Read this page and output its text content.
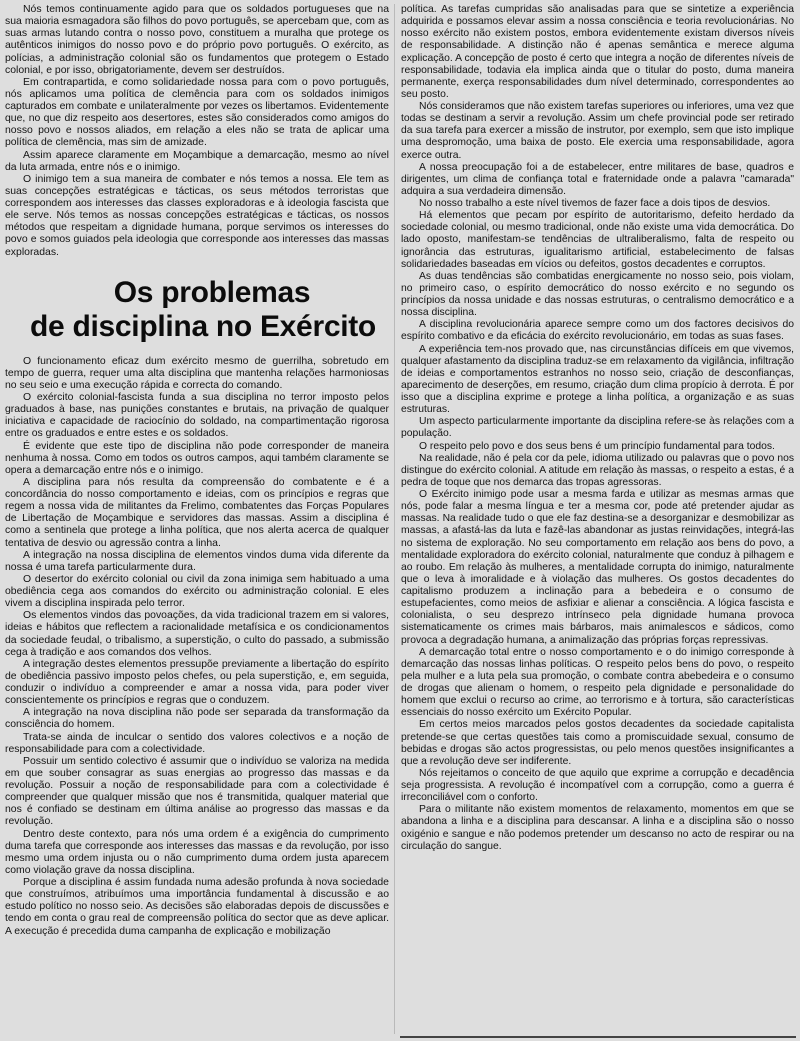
Nós temos continuamente agido para que os soldados portugueses que na sua maioria esmagadora são filhos do povo português, se apercebam que, com as suas armas lutando contra o nosso povo, constituem a muralha que protege os autênticos inimigos do nosso povo e do próprio povo português. O exército, as polícias, a administração colonial são os fundamentos que protegem o Estado colonial, e por isso, obrigatoriamente, devem ser destruídos.

Em contrapartida, e como solidariedade nossa para com o povo português, nós aplicamos uma política de clemência para com os soldados inimigos capturados em combate e unilateralmente por vezes os libertamos. Evidentemente que, no que diz respeito aos desertores, estes são considerados como amigos do nosso povo e nossos aliados, em relação a eles não se trata de aplicar uma política de clemência, mas sim de amizade.

Assim aparece claramente em Moçambique a demarcação, mesmo ao nível da luta armada, entre nós e o inimigo.

O inimigo tem a sua maneira de combater e nós temos a nossa. Ele tem as suas concepções estratégicas e tácticas, os seus métodos terroristas que correspondem aos interesses das classes exploradoras e à ideologia fascista que ele serve. Nós temos as nossas concepções estratégicas e tácticas, os nossos métodos que respeitam a dignidade humana, porque servimos os interesses do povo e somos guiados pela ideologia que corresponde aos interesses das massas exploradas.

Os problemas
de disciplina no Exército

O funcionamento eficaz dum exército mesmo de guerrilha, sobretudo em tempo de guerra, requer uma alta disciplina que mantenha relações harmoniosas no seu seio e uma execução rápida e correcta do comando.

O exército colonial-fascista funda a sua disciplina no terror imposto pelos graduados à base, nas punições constantes e brutais, na privação de qualquer iniciativa e capacidade de raciocínio do soldado, na compartimentação rigorosa entre os graduados e entre estes e os soldados.

É evidente que este tipo de disciplina não pode corresponder de maneira nenhuma à nossa. Como em todos os outros campos, aqui também claramente se opera a demarcação entre nós e o inimigo.

A disciplina para nós resulta da compreensão do combatente e é a concordância do nosso comportamento e ideias, com os princípios e regras que regem a nossa vida de militantes da Frelimo, combatentes das Forças Populares de Libertação de Moçambique e servidores das massas. Assim a disciplina é como a sentinela que protege a linha política, que nos alerta acerca de qualquer tentativa de desvio ou agressão contra a linha.

A integração na nossa disciplina de elementos vindos duma vida diferente da nossa é uma tarefa particularmente dura.

O desertor do exército colonial ou civil da zona inimiga sem habituado a uma obediência cega aos comandos do exército ou administração colonial. E eles vivem a disciplina inspirada pelo terror.

Os elementos vindos das povoações, da vida tradicional trazem em si valores, ideias e hábitos que reflectem a racionalidade metafísica e os condicionamentos da sociedade feudal, o tribalismo, a superstição, o culto do passado, a submissão cega à tradição e aos comandos dos velhos.

A integração destes elementos pressupõe previamente a libertação do espírito de obediência passivo imposto pelos chefes, ou pela superstição, e, em seguida, conduzir o indivíduo a compreender e amar a nossa vida, para poder viver conscientemente os princípios e regras que o conduzem.

A integração na nova disciplina não pode ser separada da transformação da consciência do homem.

Trata-se ainda de inculcar o sentido dos valores colectivos e a noção de responsabilidade para com a colectividade.

Possuir um sentido colectivo é assumir que o indivíduo se valoriza na medida em que souber consagrar as suas energias ao progresso das massas e da revolução. Possuir a noção de responsabilidade para com a colectividade é compreender que qualquer missão que nos é transmitida, qualquer material que nos é confiado se destinam em última análise ao progresso das massas e da revolução.

Dentro deste contexto, para nós uma ordem é a exigência do cumprimento duma tarefa que corresponde aos interesses das massas e da revolução, por isso mesmo uma ordem injusta ou o não cumprimento duma ordem justa aparecem como violação grave da nossa disciplina.

Porque a disciplina é assim fundada numa adesão profunda à nova sociedade que construímos, atribuímos uma importância fundamental à discussão e ao estudo político no nosso seio. As decisões são elaboradas depois de discussões e tendo em conta o grau real de compreensão política do sector que as deve aplicar. A execução é precedida duma campanha de explicação e mobilização

política. As tarefas cumpridas são analisadas para que se sintetize a experiência adquirida e possamos elevar assim a nossa consciência e teoria revolucionárias. No nosso exército não existem postos, embora evidentemente existam diversos níveis de responsabilidade. A distinção não é apenas semântica e merece alguma explicação. A concepção de posto é certo que integra a noção de diferentes níveis de responsabilidade, todavia ela implica ainda que o titular do posto, duma maneira permanente, exerça responsabilidades dum nível determinado, correspondentes ao seu posto.

Nós consideramos que não existem tarefas superiores ou inferiores, uma vez que todas se destinam a servir a revolução. Assim um chefe provincial pode ser retirado da sua tarefa para exercer a missão de instrutor, por exemplo, sem que isto implique uma despromoção, uma baixa de posto. Ele exercia uma responsabilidade, agora exerce outra.

A nossa preocupação foi a de estabelecer, entre militares de base, quadros e dirigentes, um clima de confiança total e fraternidade onde a palavra "camarada" adquira a sua verdadeira dimensão.

No nosso trabalho a este nível tivemos de fazer face a dois tipos de desvios.

Há elementos que pecam por espírito de autoritarismo, defeito herdado da sociedade colonial, ou mesmo tradicional, onde não existe uma vida democrática. Do lado oposto, manifestam-se tendências de ultraliberalismo, falta de respeito ou ignorância das estruturas, igualitarismo artificial, estabelecimento de falsas solidariedades baseadas em vícios ou defeitos, gostos decadentes e corruptos.

As duas tendências são combatidas energicamente no nosso seio, pois violam, no primeiro caso, o espírito democrático do nosso exército e no segundo os princípios da nossa unidade e das nossas estruturas, o centralismo democrático e a nossa disciplina.

A disciplina revolucionária aparece sempre como um dos factores decisivos do espírito combativo e da eficácia do exército revolucionário, em todas as suas fases.

A experiência tem-nos provado que, nas circunstâncias difíceis em que vivemos, qualquer afastamento da disciplina traduz-se em relaxamento da vigilância, infiltração de ideias e comportamentos estranhos no nosso seio, criação de desconfianças, aparecimento de deserções, em resumo, criação dum clima propício à derrota. É por isso que a disciplina exprime e protege a linha política, a organização e as suas estruturas.

Um aspecto particularmente importante da disciplina refere-se às relações com a população.

O respeito pelo povo e dos seus bens é um princípio fundamental para todos.

Na realidade, não é pela cor da pele, idioma utilizado ou palavras que o povo nos distingue do exército colonial. A atitude em relação às massas, o respeito a estas, é a pedra de toque que nos demarca das tropas agressoras.

O Exército inimigo pode usar a mesma farda e utilizar as mesmas armas que nós, pode falar a mesma língua e ter a mesma cor, pode até pretender ajudar as massas. Na realidade tudo o que ele faz destina-se a desorganizar e desmobilizar as massas, a afastá-las da luta e fazê-las abandonar as justas reinvidações, integrá-las no sistema de exploração. No seu comportamento em relação aos bens do povo, a mentalidade exploradora do exército colonial, naturalmente que conduz à pilhagem e ao roubo. Em relação às mulheres, a mentalidade corrupta do inimigo, naturalmente que o leva à imoralidade e à violação das mulheres. Os gostos decadentes do capitalismo produzem a inclinação para a bebedeira e o consumo de estupefacientes, como meios de asfixiar e alienar a consciência. A lógica fascista e colonialista, o seu desprezo intrínseco pela dignidade humana provoca sistematicamente os crimes mais bárbaros, mais animalescos e sádicos, como provoca a degradação humana, a animalização das próprias forças repressivas.

A demarcação total entre o nosso comportamento e o do inimigo corresponde à demarcação das nossas linhas políticas. O respeito pelos bens do povo, o respeito pela mulher e a luta pela sua promoção, o combate contra abebedeira e o consumo de drogas que alienam o homem, o respeito pela dignidade e personalidade do homem que exclui o recurso ao crime, ao terrorismo e à tortura, são características essenciais do nosso exército um Exército Popular.

Em certos meios marcados pelos gostos decadentes da sociedade capitalista pretende-se que certas questões tais como a promiscuidade sexual, consumo de bebidas e drogas são actos progressistas, ou pelo menos questões insignificantes a que a revolução deve ser indiferente.

Nós rejeitamos o conceito de que aquilo que exprime a corrupção e decadência seja progressista. A revolução é incompatível com a corrupção, como a guerra é irreconciliável com o conforto.

Para o militante não existem momentos de relaxamento, momentos em que se abandona a linha e a disciplina para descansar. A linha e a disciplina são o nosso oxigénio e sangue e não podemos pretender um descanso no acto de respirar ou na circulação do sangue.
